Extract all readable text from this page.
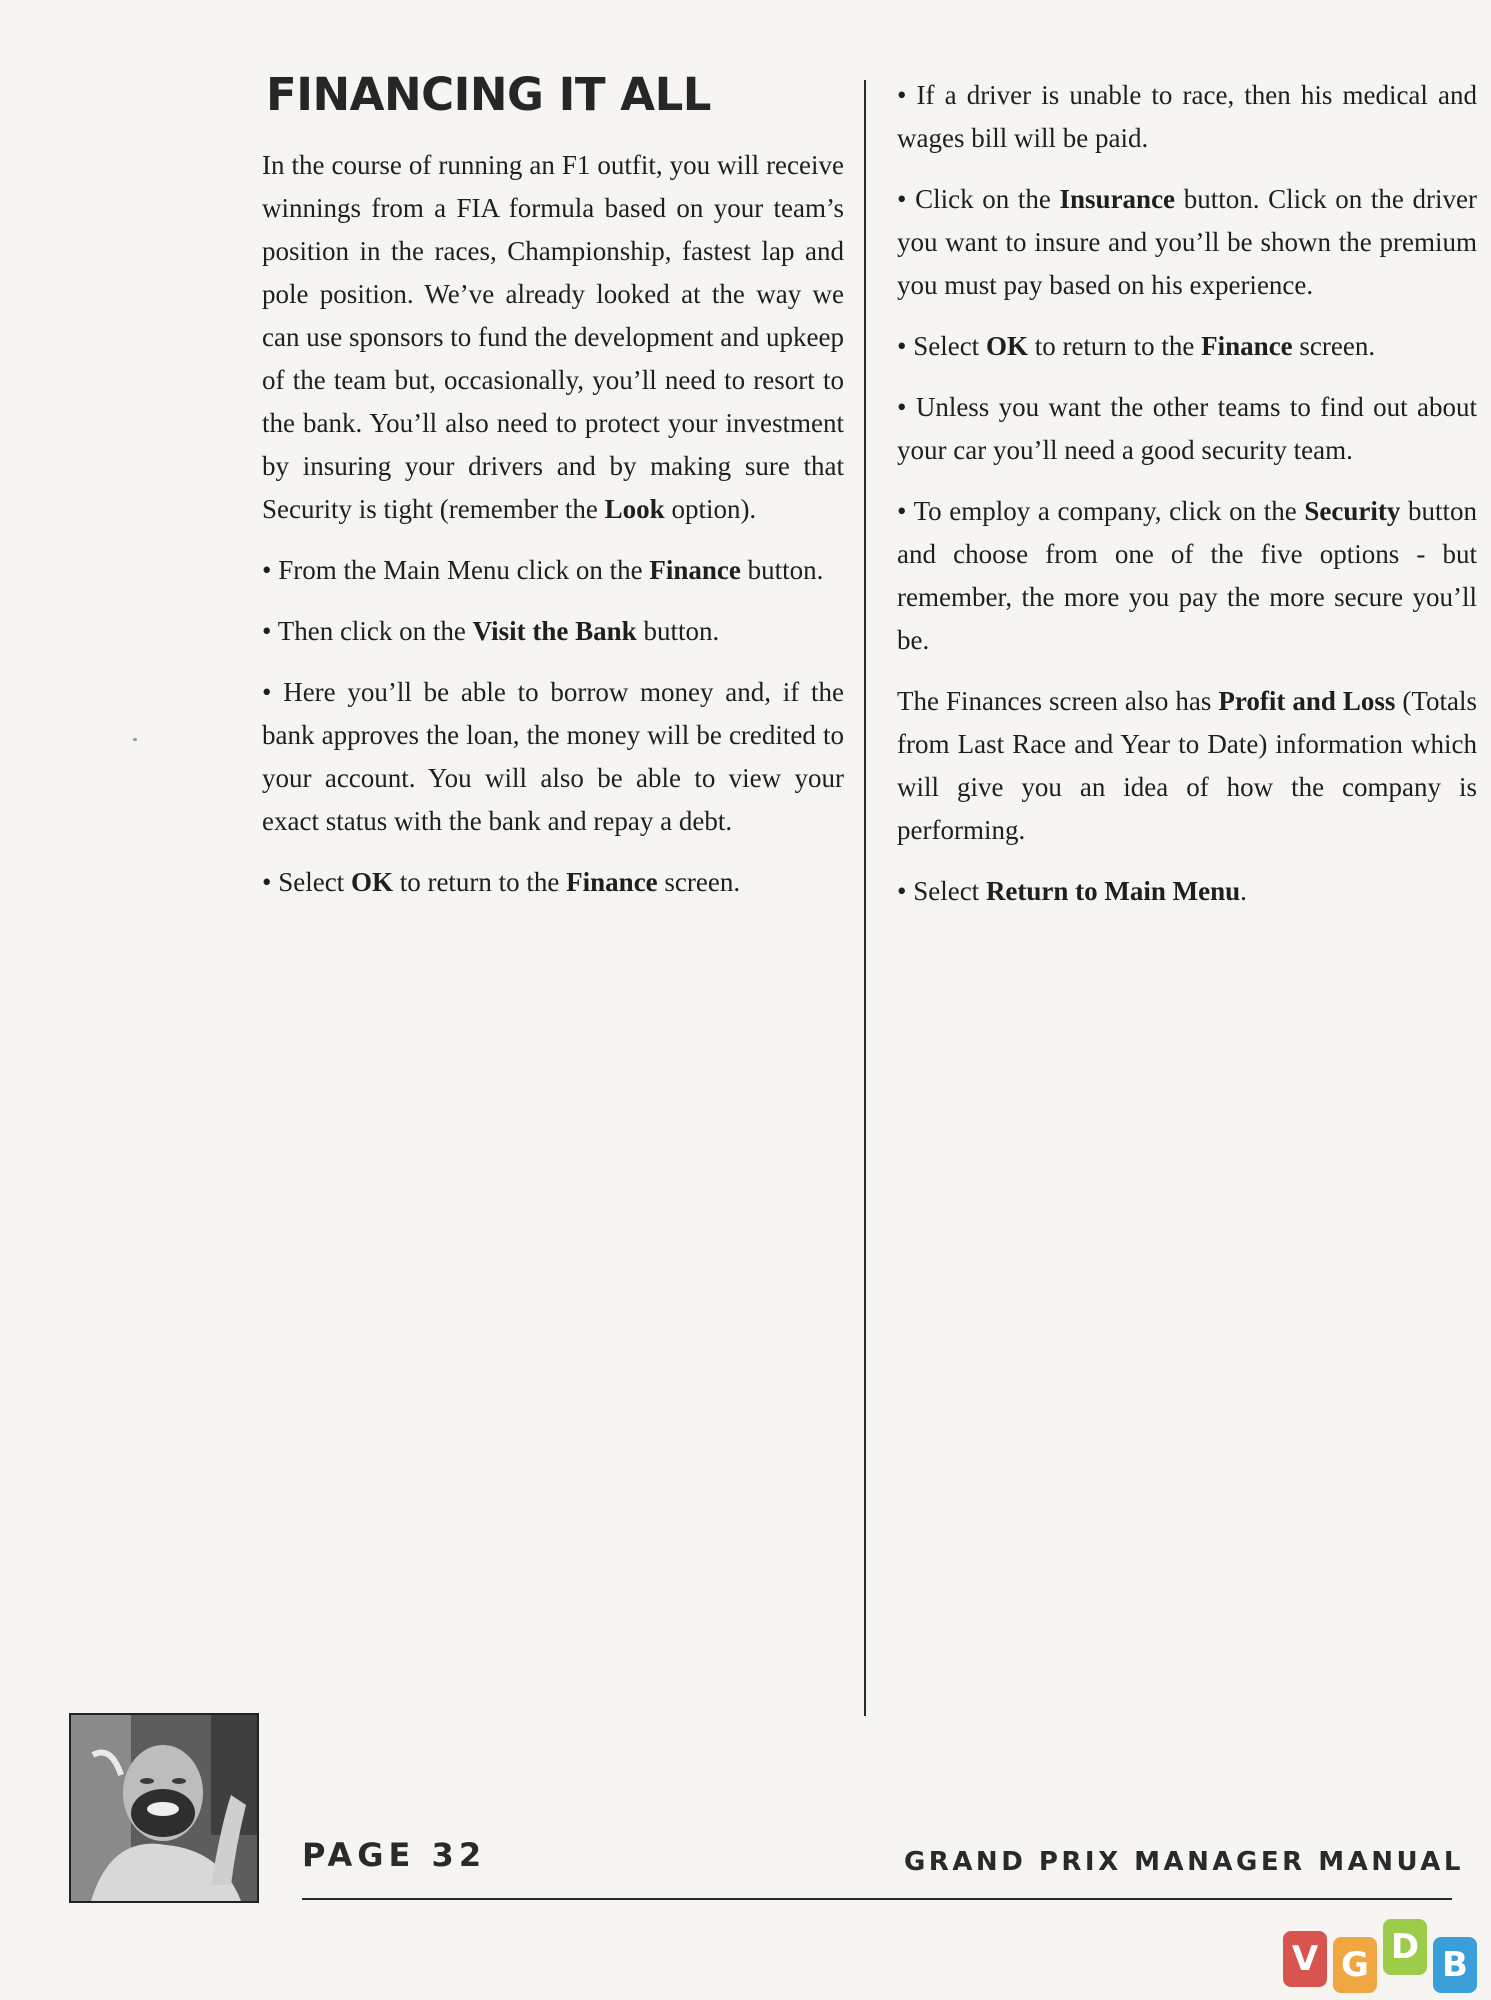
FINANCING IT ALL

In the course of running an F1 outfit, you will receive winnings from a FIA formula based on your team’s position in the races, Championship, fastest lap and pole position. We’ve already looked at the way we can use sponsors to fund the development and upkeep of the team but, occasionally, you’ll need to resort to the bank. You’ll also need to protect your investment by insuring your drivers and by making sure that Security is tight (remember the Look option).

• From the Main Menu click on the Finance button.

• Then click on the Visit the Bank button.

• Here you’ll be able to borrow money and, if the bank approves the loan, the money will be credited to your account. You will also be able to view your exact status with the bank and repay a debt.

• Select OK to return to the Finance screen.

• If a driver is unable to race, then his medical and wages bill will be paid.

• Click on the Insurance button. Click on the driver you want to insure and you’ll be shown the premium you must pay based on his experience.

• Select OK to return to the Finance screen.

• Unless you want the other teams to find out about your car you’ll need a good security team.

• To employ a company, click on the Security button and choose from one of the five options - but remember, the more you pay the more secure you’ll be.

The Finances screen also has Profit and Loss (Totals from Last Race and Year to Date) information which will give you an idea of how the company is performing.

• Select Return to Main Menu.

PAGE 32	GRAND PRIX MANAGER MANUAL
V G D B
